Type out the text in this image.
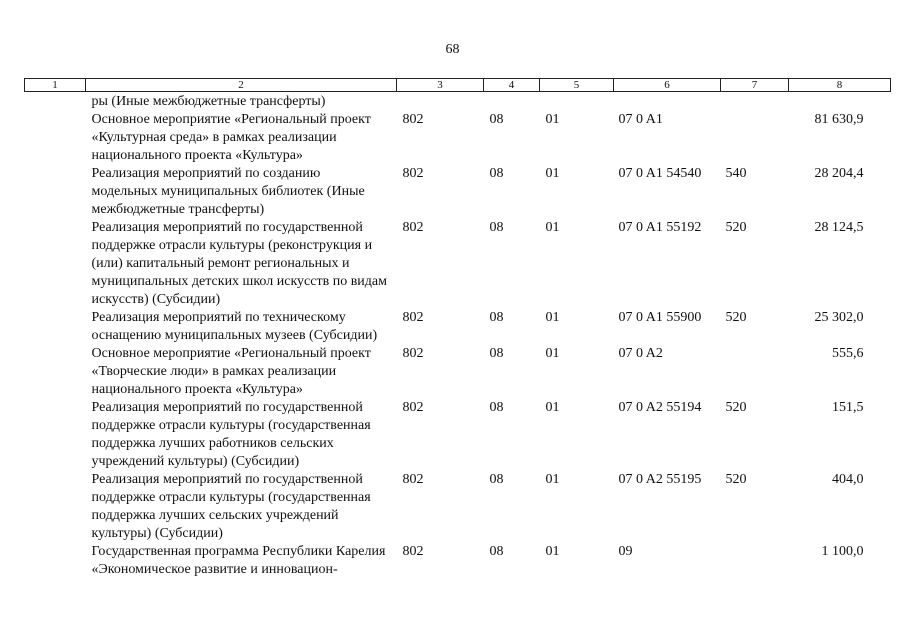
68
1	2	3	4	5	6	7	8
	ры (Иные межбюджетные трансферты)						
	Основное мероприятие «Региональный проект «Культурная среда» в рамках реализации национального проекта «Культура»	802	08	01	07 0 A1		81 630,9
	Реализация мероприятий по созданию модельных муниципальных библиотек (Иные межбюджетные трансферты)	802	08	01	07 0 A1 54540	540	28 204,4
	Реализация мероприятий по государственной поддержке отрасли культуры (реконструкция и (или) капитальный ремонт региональных и муниципальных детских школ искусств по видам искусств) (Субсидии)	802	08	01	07 0 A1 55192	520	28 124,5
	Реализация мероприятий по техническому оснащению муниципальных музеев (Субсидии)	802	08	01	07 0 A1 55900	520	25 302,0
	Основное мероприятие «Региональный проект «Творческие люди» в рамках реализации национального проекта «Культура»	802	08	01	07 0 A2		555,6
	Реализация мероприятий по государственной поддержке отрасли культуры (государственная поддержка лучших работников сельских учреждений культуры) (Субсидии)	802	08	01	07 0 A2 55194	520	151,5
	Реализация мероприятий по государственной поддержке отрасли культуры (государственная поддержка лучших сельских учреждений культуры) (Субсидии)	802	08	01	07 0 A2 55195	520	404,0
	Государственная программа Республики Карелия «Экономическое развитие и инновацион-	802	08	01	09		1 100,0
